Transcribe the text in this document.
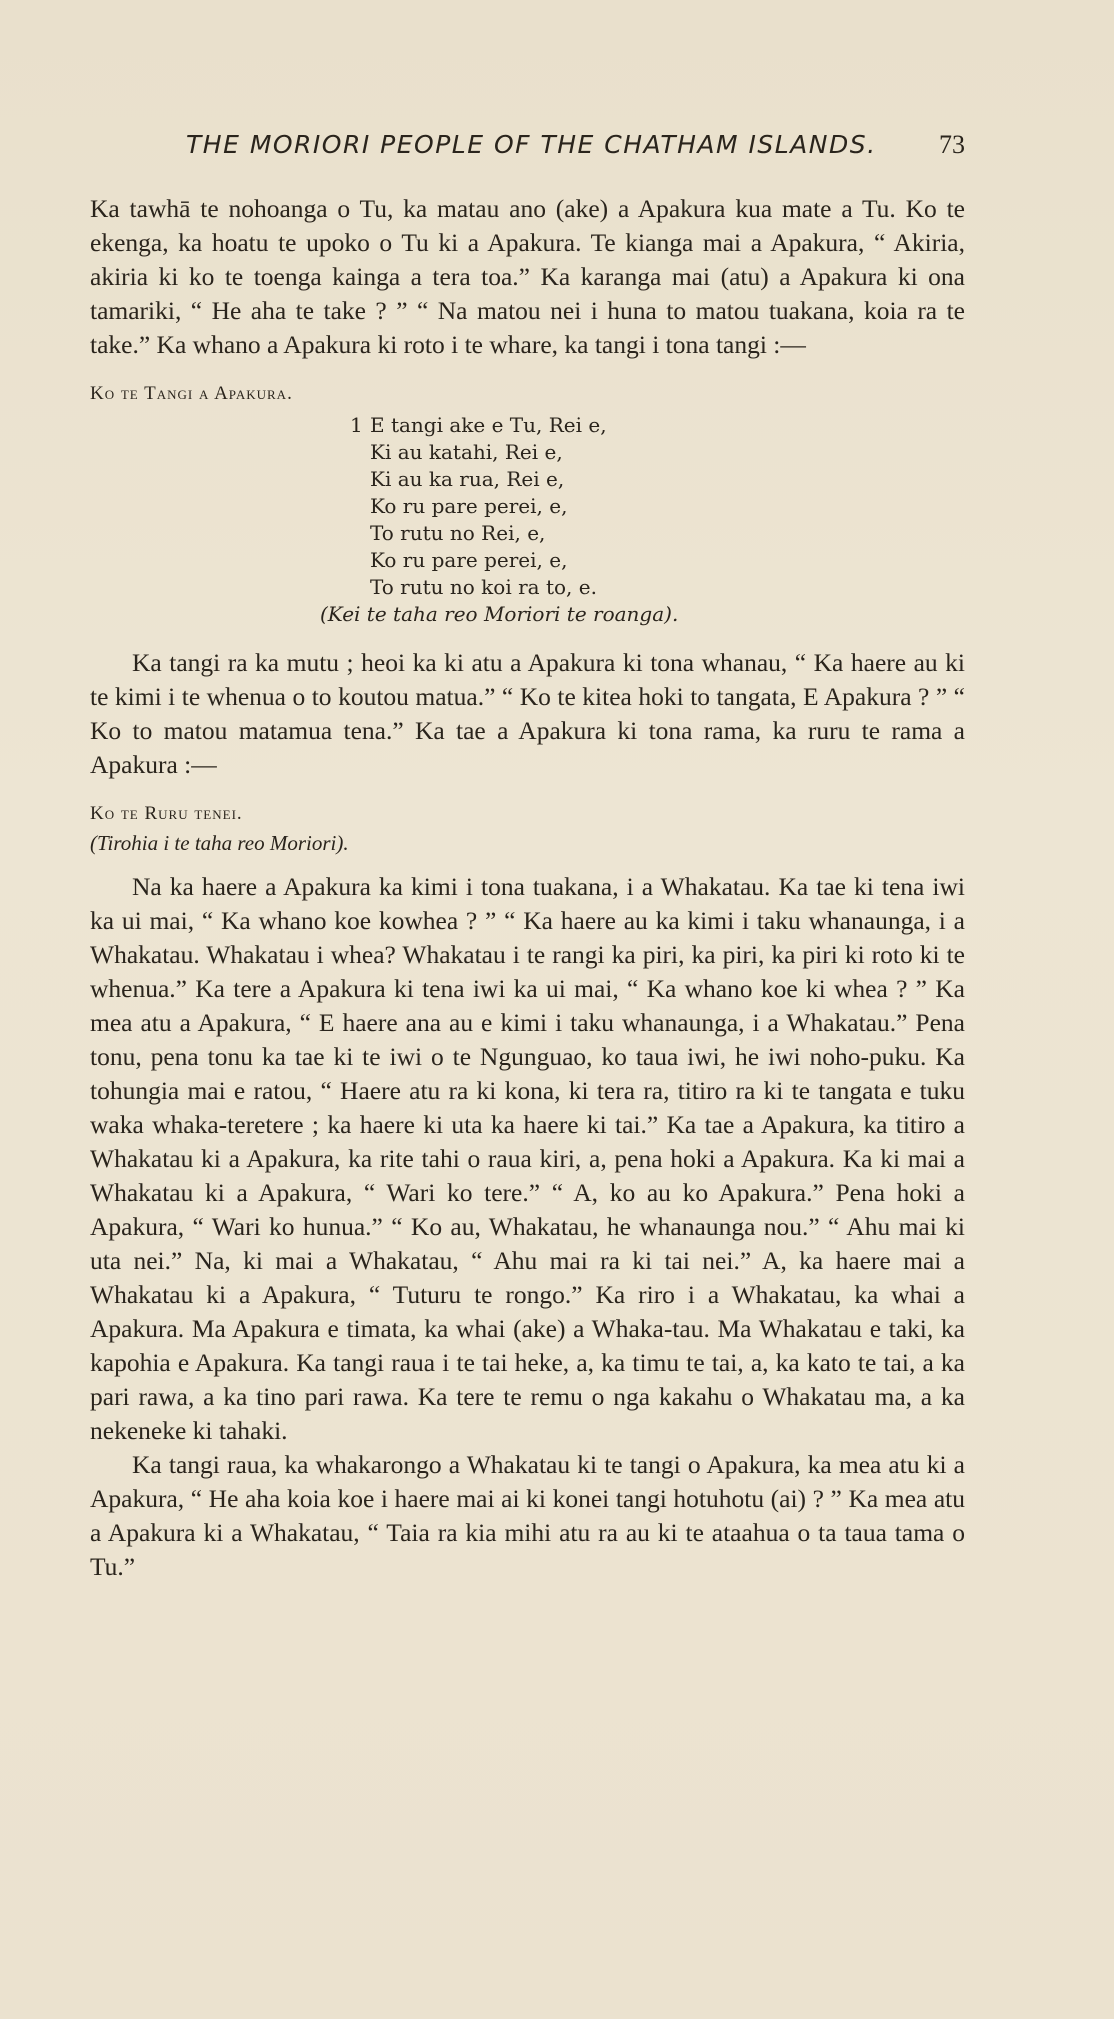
THE MORIORI PEOPLE OF THE CHATHAM ISLANDS. 73

Ka tawhā te nohoanga o Tu, ka matau ano (ake) a Apakura kua mate a Tu. Ko te ekenga, ka hoatu te upoko o Tu ki a Apakura. Te kianga mai a Apakura, “ Akiria, akiria ki ko te toenga kainga a tera toa.” Ka karanga mai (atu) a Apakura ki ona tamariki, “ He aha te take ? ” “ Na matou nei i huna to matou tuakana, koia ra te take.” Ka whano a Apakura ki roto i te whare, ka tangi i tona tangi :—

Ko te Tangi a Apakura.

1 E tangi ake e Tu, Rei e,
Ki au katahi, Rei e,
Ki au ka rua, Rei e,
Ko ru pare perei, e,
To rutu no Rei, e,
Ko ru pare perei, e,
To rutu no koi ra to, e.
(Kei te taha reo Moriori te roanga).

Ka tangi ra ka mutu ; heoi ka ki atu a Apakura ki tona whanau, “ Ka haere au ki te kimi i te whenua o to koutou matua.” “ Ko te kitea hoki to tangata, E Apakura ? ” “ Ko to matou matamua tena.” Ka tae a Apakura ki tona rama, ka ruru te rama a Apakura :—

Ko te Ruru tenei.

(Tirohia i te taha reo Moriori).

Na ka haere a Apakura ka kimi i tona tuakana, i a Whakatau. Ka tae ki tena iwi ka ui mai, “ Ka whano koe kowhea ? ” “ Ka haere au ka kimi i taku whanaunga, i a Whakatau. Whakatau i whea? Whakatau i te rangi ka piri, ka piri, ka piri ki roto ki te whenua.” Ka tere a Apakura ki tena iwi ka ui mai, “ Ka whano koe ki whea ? ” Ka mea atu a Apakura, “ E haere ana au e kimi i taku whanaunga, i a Whakatau.” Pena tonu, pena tonu ka tae ki te iwi o te Ngunguao, ko taua iwi, he iwi noho-puku. Ka tohungia mai e ratou, “ Haere atu ra ki kona, ki tera ra, titiro ra ki te tangata e tuku waka whaka-teretere ; ka haere ki uta ka haere ki tai.” Ka tae a Apakura, ka titiro a Whakatau ki a Apakura, ka rite tahi o raua kiri, a, pena hoki a Apakura. Ka ki mai a Whakatau ki a Apakura, “ Wari ko tere.” “ A, ko au ko Apakura.” Pena hoki a Apakura, “ Wari ko hunua.” “ Ko au, Whakatau, he whanaunga nou.” “ Ahu mai ki uta nei.” Na, ki mai a Whakatau, “ Ahu mai ra ki tai nei.” A, ka haere mai a Whakatau ki a Apakura, “ Tuturu te rongo.” Ka riro i a Whakatau, ka whai a Apakura. Ma Apakura e timata, ka whai (ake) a Whaka-tau. Ma Whakatau e taki, ka kapohia e Apakura. Ka tangi raua i te tai heke, a, ka timu te tai, a, ka kato te tai, a ka pari rawa, a ka tino pari rawa. Ka tere te remu o nga kakahu o Whakatau ma, a ka nekeneke ki tahaki.

Ka tangi raua, ka whakarongo a Whakatau ki te tangi o Apakura, ka mea atu ki a Apakura, “ He aha koia koe i haere mai ai ki konei tangi hotuhotu (ai) ? ” Ka mea atu a Apakura ki a Whakatau, “ Taia ra kia mihi atu ra au ki te ataahua o ta taua tama o Tu.”
